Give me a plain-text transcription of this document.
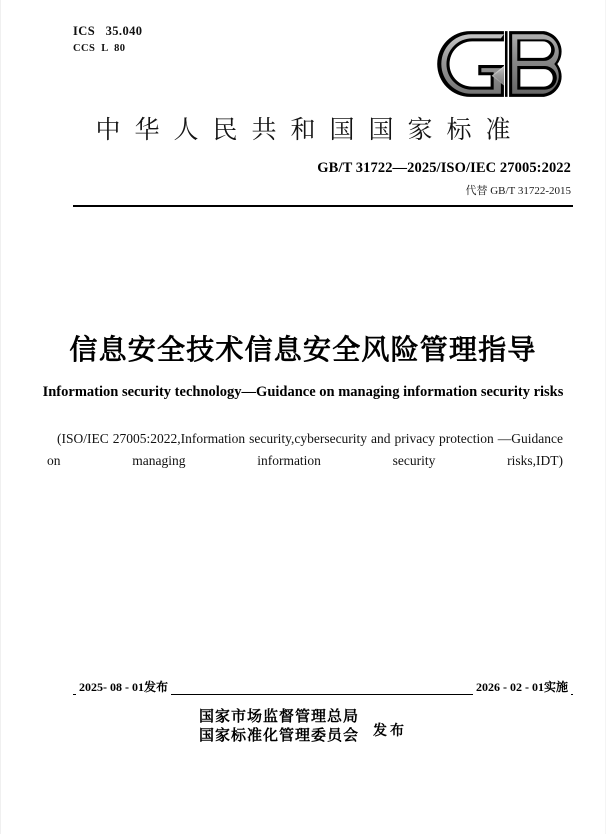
ICS   35.040
CCS  L  80
中华人民共和国国家标准
GB/T 31722—2025/ISO/IEC 27005:2022
代替 GB/T 31722-2015
信息安全技术信息安全风险管理指导
Information security technology—Guidance on managing information security risks
(ISO/IEC 27005:2022,Information security,cybersecurity and privacy protection —Guidance on managing information security risks,IDT)
2025- 08 - 01发布	2026 - 02 - 01实施
国家市场监督管理总局
国家标准化管理委员会 发布
